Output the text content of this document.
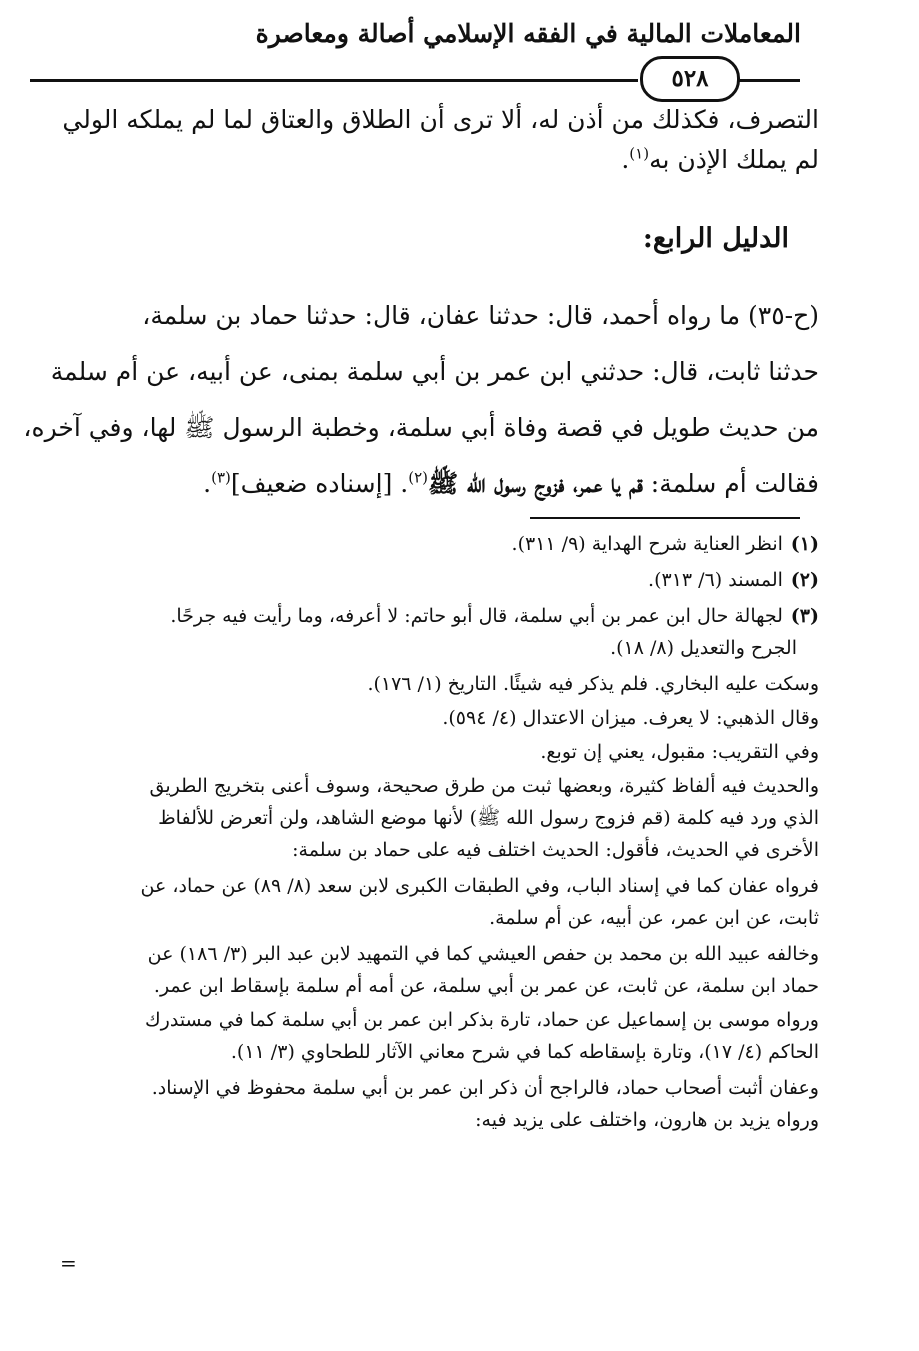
المعاملات المالية في الفقه الإسلامي أصالة ومعاصرة
٥٢٨
التصرف، فكذلك من أذن له، ألا ترى أن الطلاق والعتاق لما لم يملكه الولي
لم يملك الإذن به$^{(١)}$.
الدليل الرابع:
(ح-٣٥) ما رواه أحمد، قال: حدثنا عفان، قال: حدثنا حماد بن سلمة،
حدثنا ثابت، قال: حدثني ابن عمر بن أبي سلمة بمنى، عن أبيه، عن أم سلمة
من حديث طويل في قصة وفاة أبي سلمة، وخطبة الرسول ﷺ لها، وفي آخره،
فقالت أم سلمة: قم يا عمر، فزوج رسول الله ﷺ$^{(٢)}$. [إسناده ضعيف]$^{(٣)}$.
(١) انظر العناية شرح الهداية (٩/ ٣١١).
(٢) المسند (٦/ ٣١٣).
(٣) لجهالة حال ابن عمر بن أبي سلمة، قال أبو حاتم: لا أعرفه، وما رأيت فيه جرحًا.
الجرح والتعديل (٨/ ١٨).
وسكت عليه البخاري. فلم يذكر فيه شيئًا. التاريخ (١/ ١٧٦).
وقال الذهبي: لا يعرف. ميزان الاعتدال (٤/ ٥٩٤).
وفي التقريب: مقبول، يعني إن توبع.
والحديث فيه ألفاظ كثيرة، وبعضها ثبت من طرق صحيحة، وسوف أعنى بتخريج الطريق
الذي ورد فيه كلمة (قم فزوج رسول الله ﷺ) لأنها موضع الشاهد، ولن أتعرض للألفاظ
الأخرى في الحديث، فأقول: الحديث اختلف فيه على حماد بن سلمة:
فرواه عفان كما في إسناد الباب، وفي الطبقات الكبرى لابن سعد (٨/ ٨٩) عن حماد، عن
ثابت، عن ابن عمر، عن أبيه، عن أم سلمة.
وخالفه عبيد الله بن محمد بن حفص العيشي كما في التمهيد لابن عبد البر (٣/ ١٨٦) عن
حماد ابن سلمة، عن ثابت، عن عمر بن أبي سلمة، عن أمه أم سلمة بإسقاط ابن عمر.
ورواه موسى بن إسماعيل عن حماد، تارة بذكر ابن عمر بن أبي سلمة كما في مستدرك
الحاكم (٤/ ١٧)، وتارة بإسقاطه كما في شرح معاني الآثار للطحاوي (٣/ ١١).
وعفان أثبت أصحاب حماد، فالراجح أن ذكر ابن عمر بن أبي سلمة محفوظ في الإسناد.
ورواه يزيد بن هارون، واختلف على يزيد فيه:
=
